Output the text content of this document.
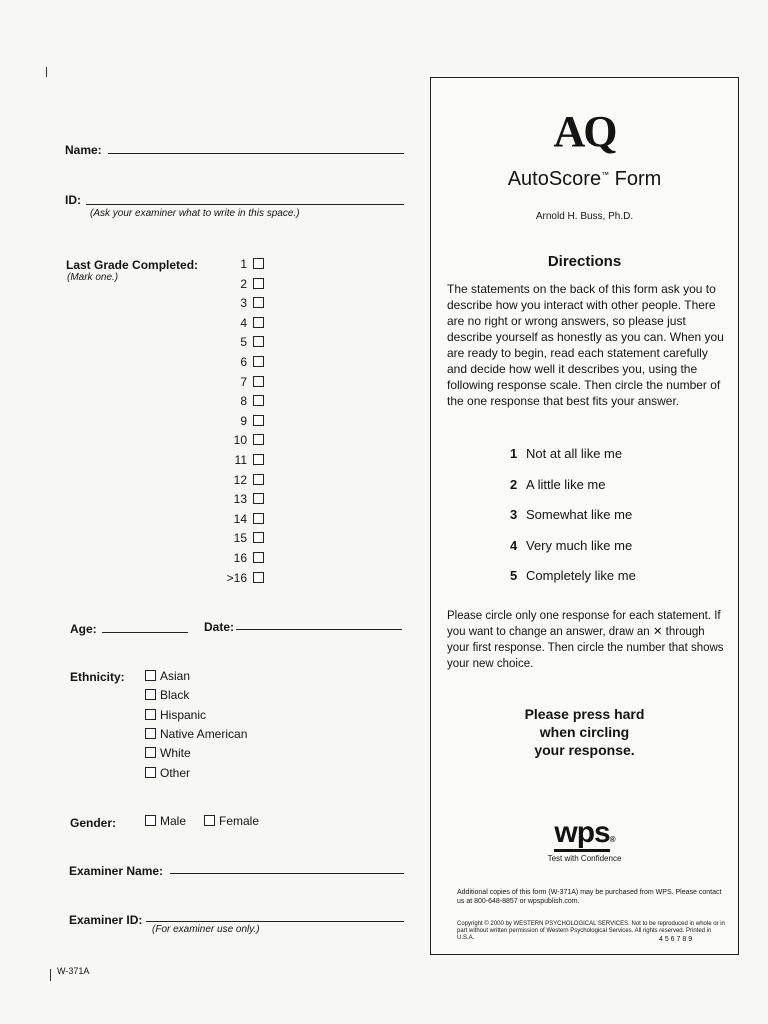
Name:
ID:
(Ask your examiner what to write in this space.)
Last Grade Completed:
(Mark one.)
1
2
3
4
5
6
7
8
9
10
11
12
13
14
15
16
>16
Age:	Date:
Ethnicity:	Asian
Black
Hispanic
Native American
White
Other
Gender:	Male	Female
Examiner Name:
Examiner ID:
(For examiner use only.)
W-371A
AQ
AutoScore™ Form
Arnold H. Buss, Ph.D.
Directions
The statements on the back of this form ask you to describe how you interact with other people. There are no right or wrong answers, so please just describe yourself as honestly as you can. When you are ready to begin, read each statement carefully and decide how well it describes you, using the following response scale. Then circle the number of the one response that best fits your answer.
1 Not at all like me
2 A little like me
3 Somewhat like me
4 Very much like me
5 Completely like me
Please circle only one response for each statement. If you want to change an answer, draw an ✕ through your first response. Then circle the number that shows your new choice.
Please press hard
when circling
your response.
wps®
Test with Confidence
Additional copies of this form (W-371A) may be purchased from WPS. Please contact us at 800-648-8857 or wpspublish.com.
Copyright © 2000 by WESTERN PSYCHOLOGICAL SERVICES. Not to be reproduced in whole or in part without written permission of Western Psychological Services. All rights reserved. Printed in U.S.A.	4 5 6 7 8 9
